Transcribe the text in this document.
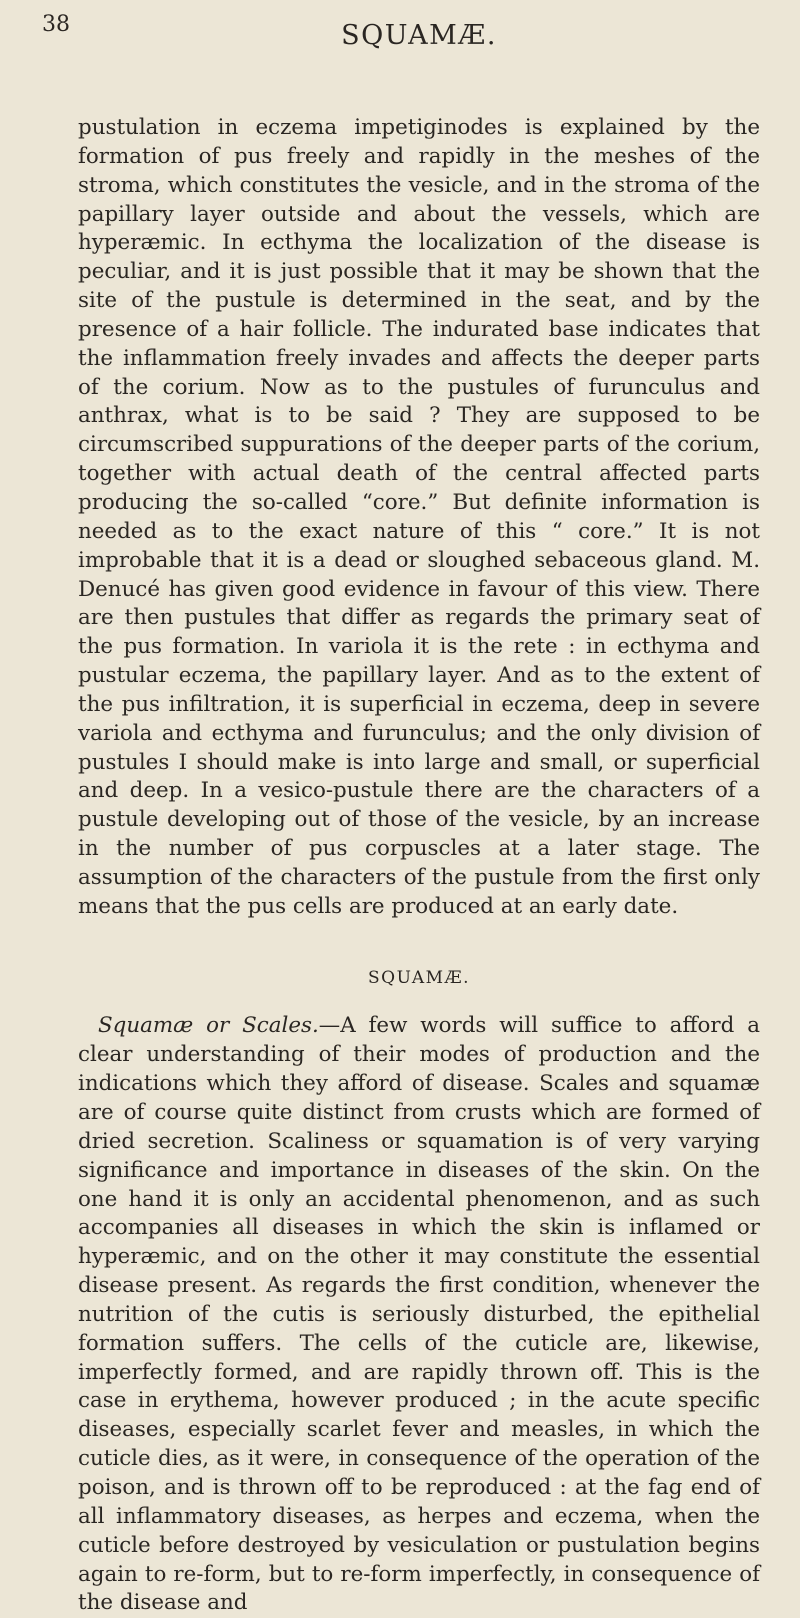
38	SQUAMÆ.

pustulation in eczema impetiginodes is explained by the formation of pus freely and rapidly in the meshes of the stroma, which constitutes the vesicle, and in the stroma of the papillary layer outside and about the vessels, which are hyperæmic. In ecthyma the localization of the disease is peculiar, and it is just possible that it may be shown that the site of the pustule is determined in the seat, and by the presence of a hair follicle. The indurated base indicates that the inflammation freely invades and affects the deeper parts of the corium. Now as to the pustules of furunculus and anthrax, what is to be said ? They are supposed to be circumscribed suppurations of the deeper parts of the corium, together with actual death of the central affected parts producing the so-called “core.” But definite information is needed as to the exact nature of this “ core.” It is not improbable that it is a dead or sloughed sebaceous gland. M. Denucé has given good evidence in favour of this view. There are then pustules that differ as regards the primary seat of the pus formation. In variola it is the rete : in ecthyma and pustular eczema, the papillary layer. And as to the extent of the pus infiltration, it is superficial in eczema, deep in severe variola and ecthyma and furunculus; and the only division of pustules I should make is into large and small, or superficial and deep. In a vesico-pustule there are the characters of a pustule developing out of those of the vesicle, by an increase in the number of pus corpuscles at a later stage. The assumption of the characters of the pustule from the first only means that the pus cells are produced at an early date.

SQUAMÆ.

Squamæ or Scales.—A few words will suffice to afford a clear understanding of their modes of production and the indications which they afford of disease. Scales and squamæ are of course quite distinct from crusts which are formed of dried secretion. Scaliness or squamation is of very varying significance and importance in diseases of the skin. On the one hand it is only an accidental phenomenon, and as such accompanies all diseases in which the skin is inflamed or hyperæmic, and on the other it may constitute the essential disease present. As regards the first condition, whenever the nutrition of the cutis is seriously disturbed, the epithelial formation suffers. The cells of the cuticle are, likewise, imperfectly formed, and are rapidly thrown off. This is the case in erythema, however produced ; in the acute specific diseases, especially scarlet fever and measles, in which the cuticle dies, as it were, in consequence of the operation of the poison, and is thrown off to be reproduced : at the fag end of all inflammatory diseases, as herpes and eczema, when the cuticle before destroyed by vesiculation or pustulation begins again to re-form, but to re-form imperfectly, in consequence of the disease and
